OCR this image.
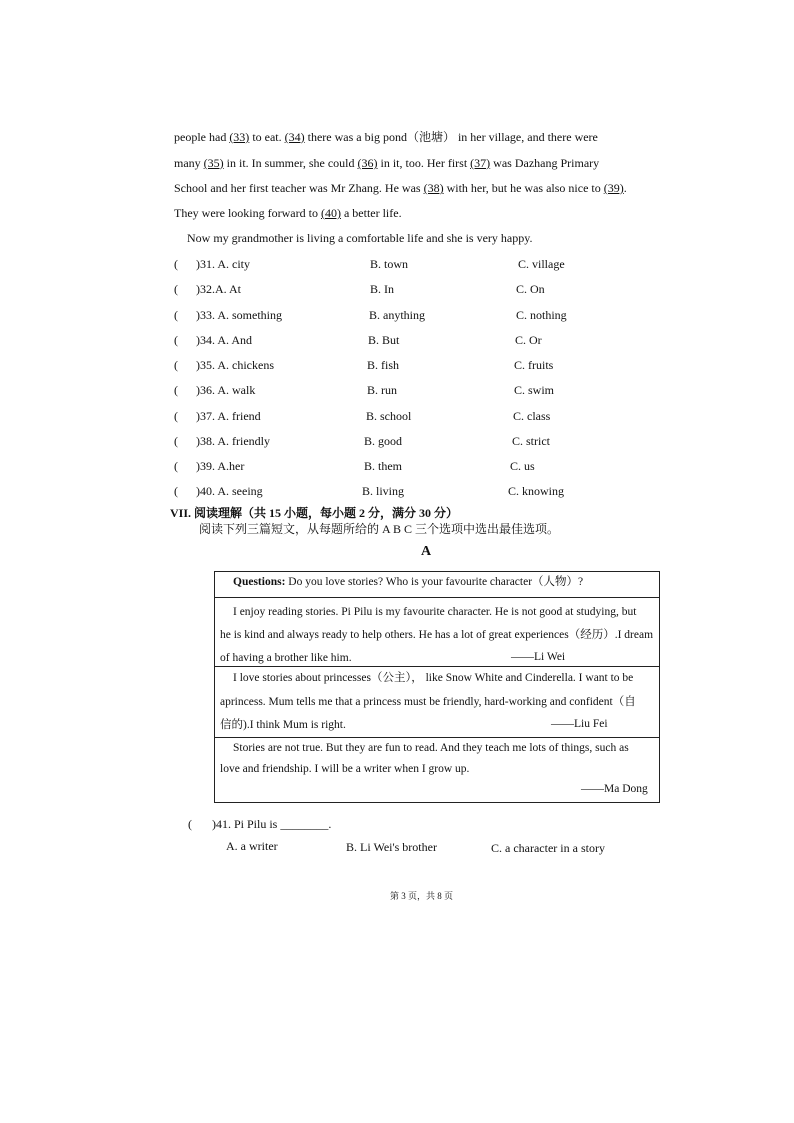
people had (33) to eat. (34) there was a big pond（池塘） in her village, and there were
many (35) in it. In summer, she could (36) in it, too. Her first (37) was Dazhang Primary
School and her first teacher was Mr Zhang. He was (38) with her, but he was also nice to (39).
They were looking forward to (40) a better life.
Now my grandmother is living a comfortable life and she is very happy.
( )31. A. city	B. town	C. village
( )32.A. At	B. In	C. On
( )33. A. something	B. anything	C. nothing
( )34. A. And	B. But	C. Or
( )35. A. chickens	B. fish	C. fruits
( )36. A. walk	B. run	C. swim
( )37. A. friend	B. school	C. class
( )38. A. friendly	B. good	C. strict
( )39. A.her	B. them	C. us
( )40. A. seeing	B. living	C. knowing
VII. 阅读理解（共 15 小题，每小题 2 分，满分 30 分）
阅读下列三篇短文，从每题所给的 A B C 三个选项中选出最佳选项。
A
Questions: Do you love stories? Who is your favourite character（人物）?
I enjoy reading stories. Pi Pilu is my favourite character. He is not good at studying, but
he is kind and always ready to help others. He has a lot of great experiences（经历）.I dream
of having a brother like him.	——Li Wei
I love stories about princesses（公主）， like Snow White and Cinderella. I want to be
aprincess. Mum tells me that a princess must be friendly, hard-working and confident（自
信的).I think Mum is right.	——Liu Fei
Stories are not true. But they are fun to read. And they teach me lots of things, such as
love and friendship. I will be a writer when I grow up.
——Ma Dong
( )41. Pi Pilu is ________.
A. a writer	B. Li Wei's brother	C. a character in a story
第 3 页，共 8 页
